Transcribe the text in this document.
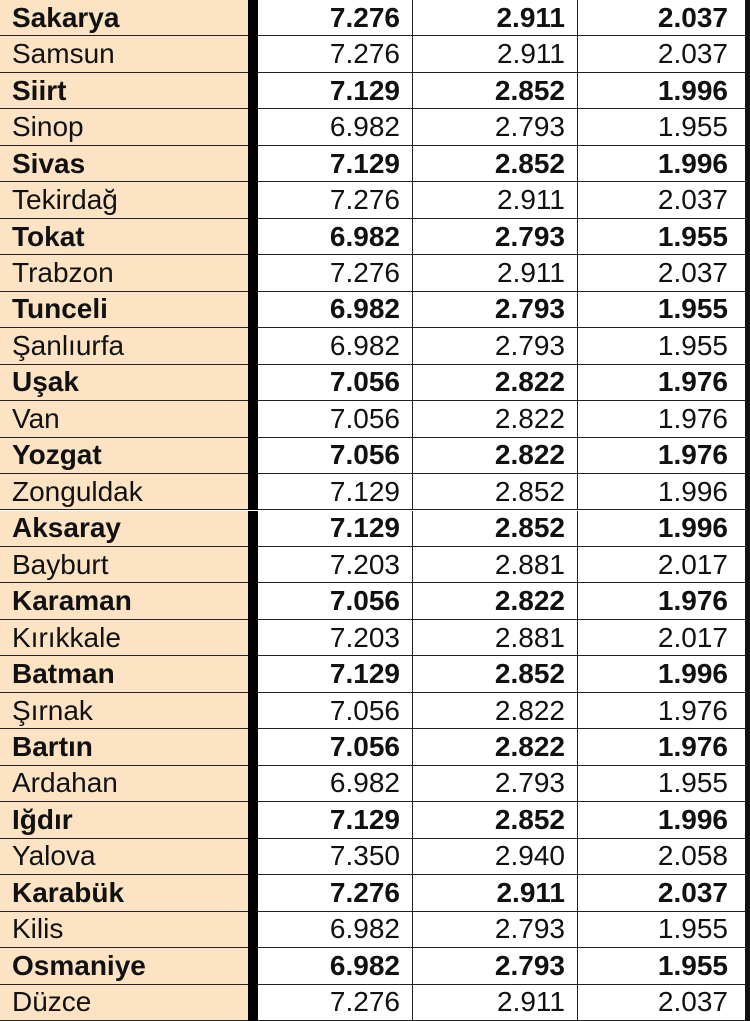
Sakarya	7.276	2.911	2.037
Samsun	7.276	2.911	2.037
Siirt	7.129	2.852	1.996
Sinop	6.982	2.793	1.955
Sivas	7.129	2.852	1.996
Tekirdağ	7.276	2.911	2.037
Tokat	6.982	2.793	1.955
Trabzon	7.276	2.911	2.037
Tunceli	6.982	2.793	1.955
Şanlıurfa	6.982	2.793	1.955
Uşak	7.056	2.822	1.976
Van	7.056	2.822	1.976
Yozgat	7.056	2.822	1.976
Zonguldak	7.129	2.852	1.996
Aksaray	7.129	2.852	1.996
Bayburt	7.203	2.881	2.017
Karaman	7.056	2.822	1.976
Kırıkkale	7.203	2.881	2.017
Batman	7.129	2.852	1.996
Şırnak	7.056	2.822	1.976
Bartın	7.056	2.822	1.976
Ardahan	6.982	2.793	1.955
Iğdır	7.129	2.852	1.996
Yalova	7.350	2.940	2.058
Karabük	7.276	2.911	2.037
Kilis	6.982	2.793	1.955
Osmaniye	6.982	2.793	1.955
Düzce	7.276	2.911	2.037
